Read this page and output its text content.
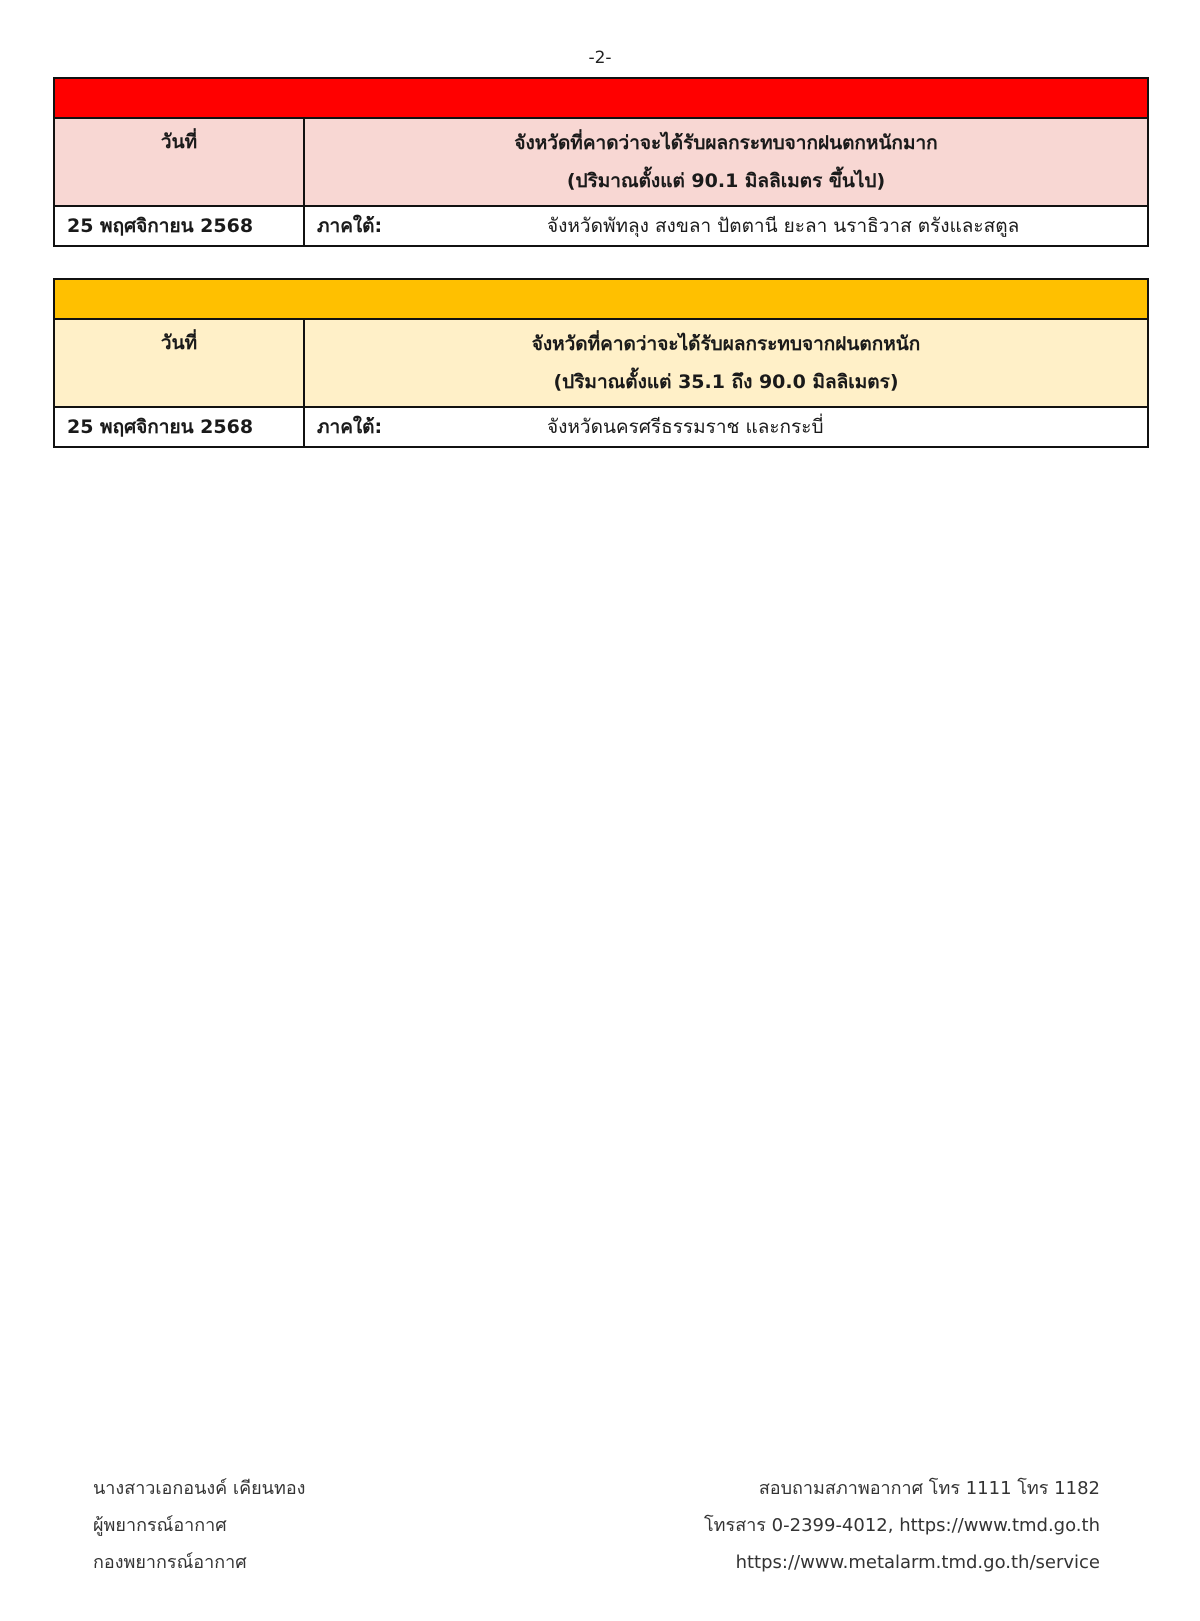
-2-

วันที่	จังหวัดที่คาดว่าจะได้รับผลกระทบจากฝนตกหนักมาก
(ปริมาณตั้งแต่ 90.1 มิลลิเมตร ขึ้นไป)

25 พฤศจิกายน 2568	ภาคใต้: จังหวัดพัทลุง สงขลา ปัตตานี ยะลา นราธิวาส ตรังและสตูล

วันที่	จังหวัดที่คาดว่าจะได้รับผลกระทบจากฝนตกหนัก
(ปริมาณตั้งแต่ 35.1 ถึง 90.0 มิลลิเมตร)

25 พฤศจิกายน 2568	ภาคใต้: จังหวัดนครศรีธรรมราช และกระบี่
นางสาวเอกอนงค์ เคียนทอง
ผู้พยากรณ์อากาศ
กองพยากรณ์อากาศ
สอบถามสภาพอากาศ โทร 1111 โทร 1182
โทรสาร 0-2399-4012, https://www.tmd.go.th
https://www.metalarm.tmd.go.th/service
